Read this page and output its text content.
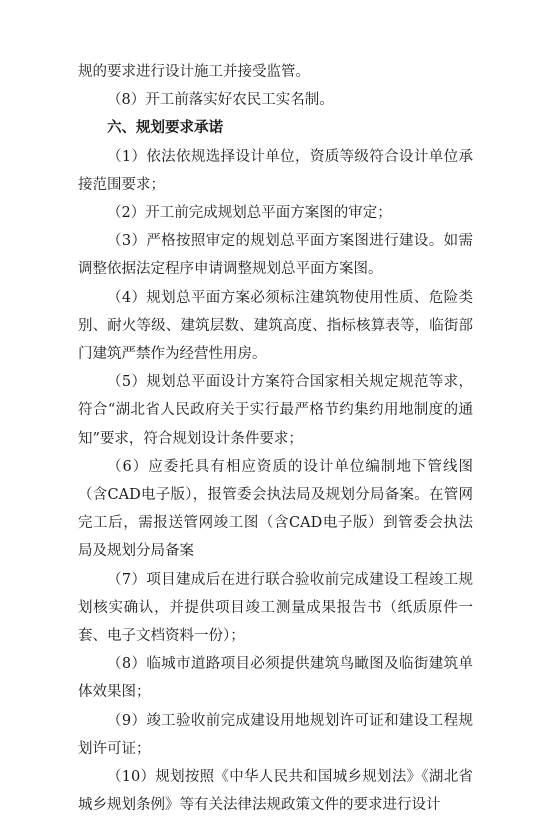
规的要求进行设计施工并接受监管。

（8）开工前落实好农民工实名制。

六、规划要求承诺

（1）依法依规选择设计单位，资质等级符合设计单位承接范围要求；

（2）开工前完成规划总平面方案图的审定；

（3）严格按照审定的规划总平面方案图进行建设。如需调整依据法定程序申请调整规划总平面方案图。

（4）规划总平面方案必须标注建筑物使用性质、危险类别、耐火等级、建筑层数、建筑高度、指标核算表等，临街部门建筑严禁作为经营性用房。

（5）规划总平面设计方案符合国家相关规定规范等求，符合“湖北省人民政府关于实行最严格节约集约用地制度的通知”要求，符合规划设计条件要求；

（6）应委托具有相应资质的设计单位编制地下管线图（含CAD电子版），报管委会执法局及规划分局备案。在管网完工后，需报送管网竣工图（含CAD电子版）到管委会执法局及规划分局备案

（7）项目建成后在进行联合验收前完成建设工程竣工规划核实确认，并提供项目竣工测量成果报告书（纸质原件一套、电子文档资料一份）；

（8）临城市道路项目必须提供建筑鸟瞰图及临街建筑单体效果图；

（9）竣工验收前完成建设用地规划许可证和建设工程规划许可证；

（10）规划按照《中华人民共和国城乡规划法》《湖北省城乡规划条例》等有关法律法规政策文件的要求进行设计
